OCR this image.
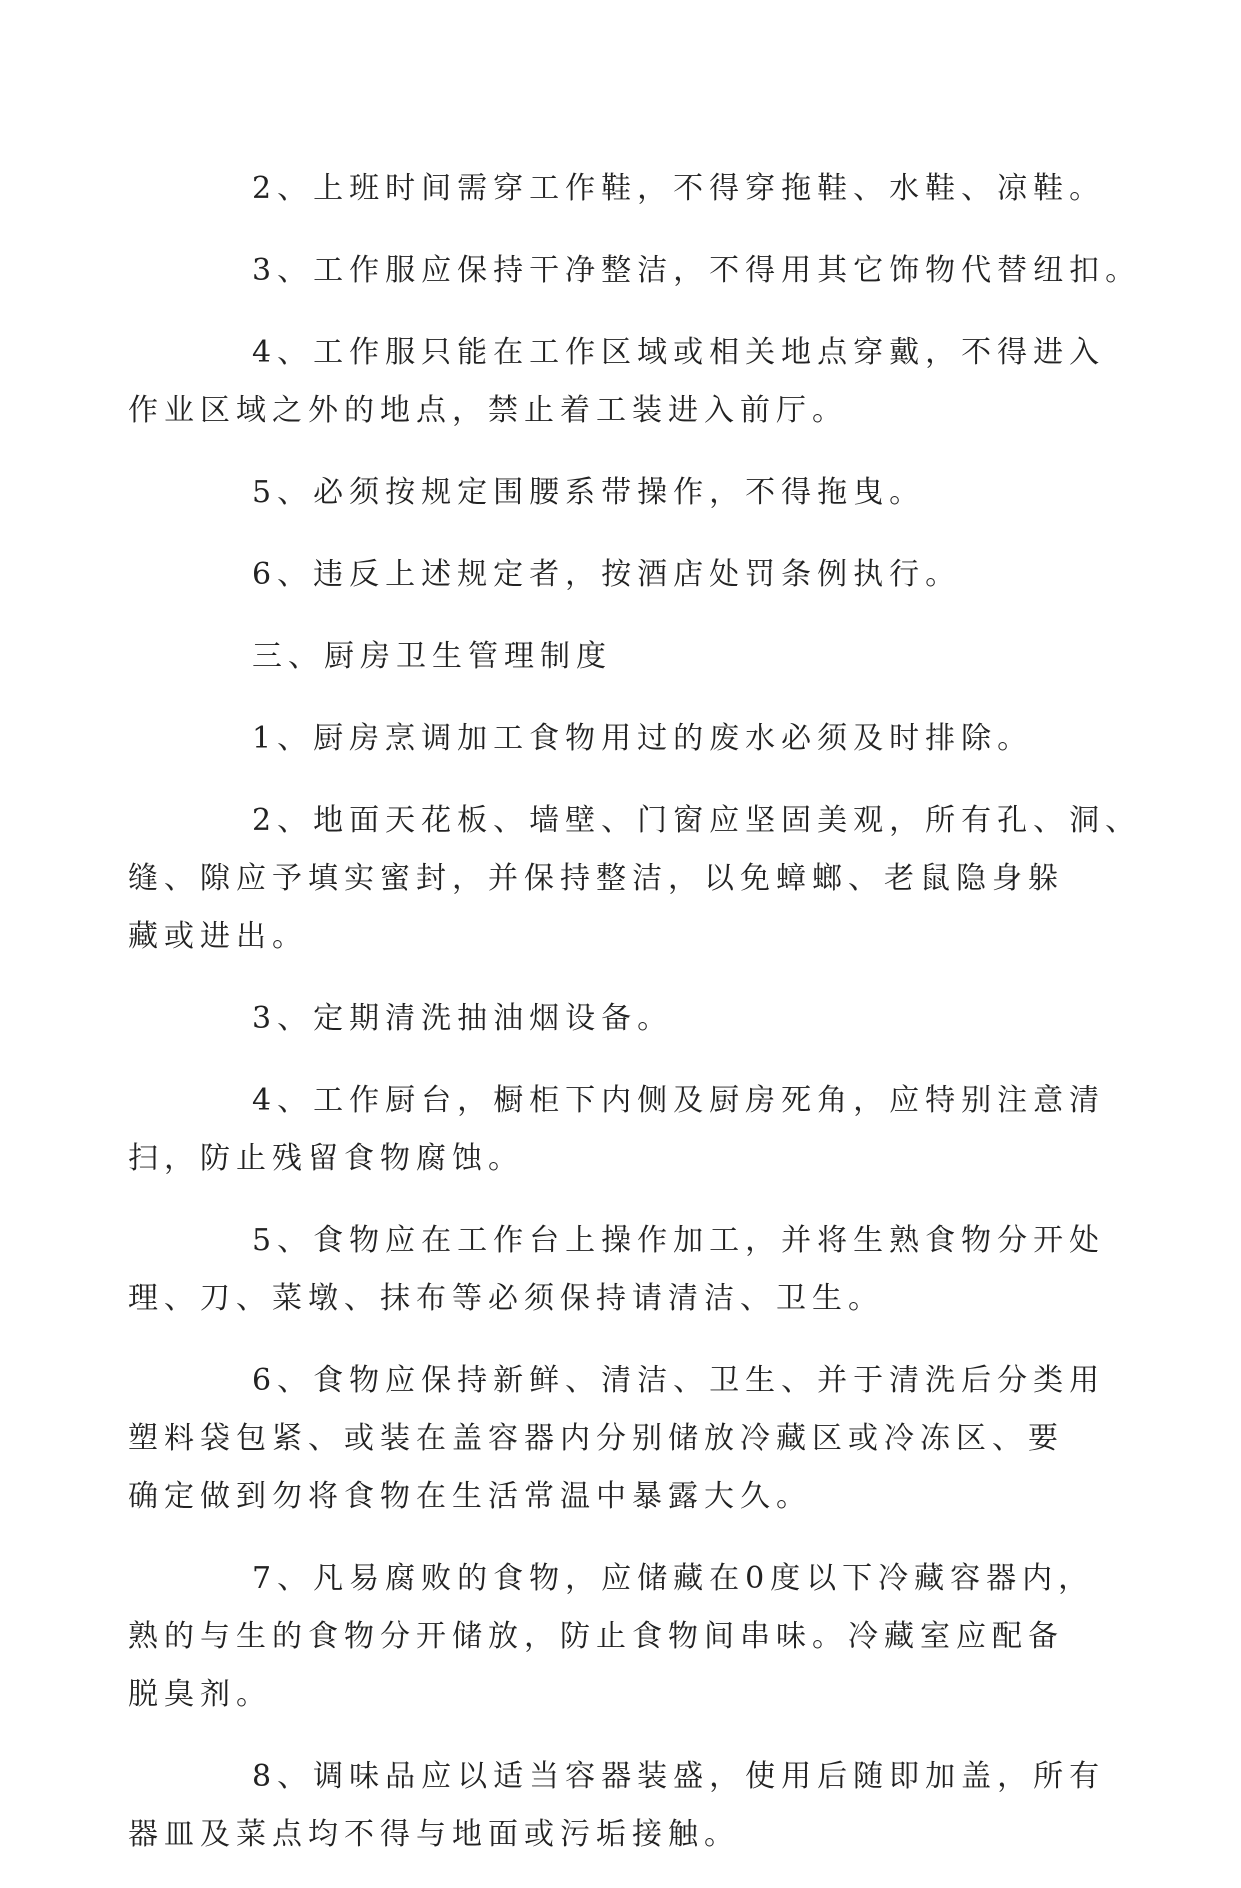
2、上班时间需穿工作鞋，不得穿拖鞋、水鞋、凉鞋。

3、工作服应保持干净整洁，不得用其它饰物代替纽扣。

4、工作服只能在工作区域或相关地点穿戴，不得进入
作业区域之外的地点，禁止着工装进入前厅。

5、必须按规定围腰系带操作，不得拖曳。

6、违反上述规定者，按酒店处罚条例执行。

三、厨房卫生管理制度

1、厨房烹调加工食物用过的废水必须及时排除。

2、地面天花板、墙壁、门窗应坚固美观，所有孔、洞、
缝、隙应予填实蜜封，并保持整洁，以免蟑螂、老鼠隐身躲
藏或进出。

3、定期清洗抽油烟设备。

4、工作厨台，橱柜下内侧及厨房死角，应特别注意清
扫，防止残留食物腐蚀。

5、食物应在工作台上操作加工，并将生熟食物分开处
理、刀、菜墩、抹布等必须保持请清洁、卫生。

6、食物应保持新鲜、清洁、卫生、并于清洗后分类用
塑料袋包紧、或装在盖容器内分别储放冷藏区或冷冻区、要
确定做到勿将食物在生活常温中暴露大久。

7、凡易腐败的食物，应储藏在0度以下冷藏容器内，
熟的与生的食物分开储放，防止食物间串味。冷藏室应配备
脱臭剂。

8、调味品应以适当容器装盛，使用后随即加盖，所有
器皿及菜点均不得与地面或污垢接触。
